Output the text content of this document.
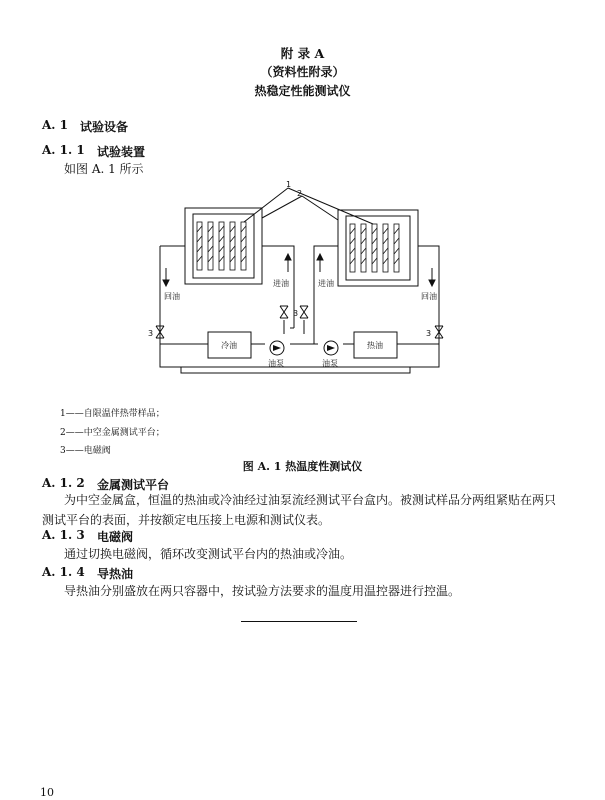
附 录 A
（资料性附录）
热稳定性能测试仪
A. 1 试验设备
A. 1. 1 试验装置
如图 A. 1 所示
1
2
回油
进油	进油
回油
3
3
3
冷油	热油
油泵	油泵
1——自限温伴热带样品；
2——中空金属测试平台；
3——电磁阀
图 A. 1 热温度性测试仪
A. 1. 2 金属测试平台
为中空金属盒，恒温的热油或冷油经过油泵流经测试平台盒内。被测试样品分两组紧贴在两只测试平台的表面，并按额定电压接上电源和测试仪表。
A. 1. 3 电磁阀
通过切换电磁阀，循环改变测试平台内的热油或冷油。
A. 1. 4 导热油
导热油分别盛放在两只容器中，按试验方法要求的温度用温控器进行控温。
10
